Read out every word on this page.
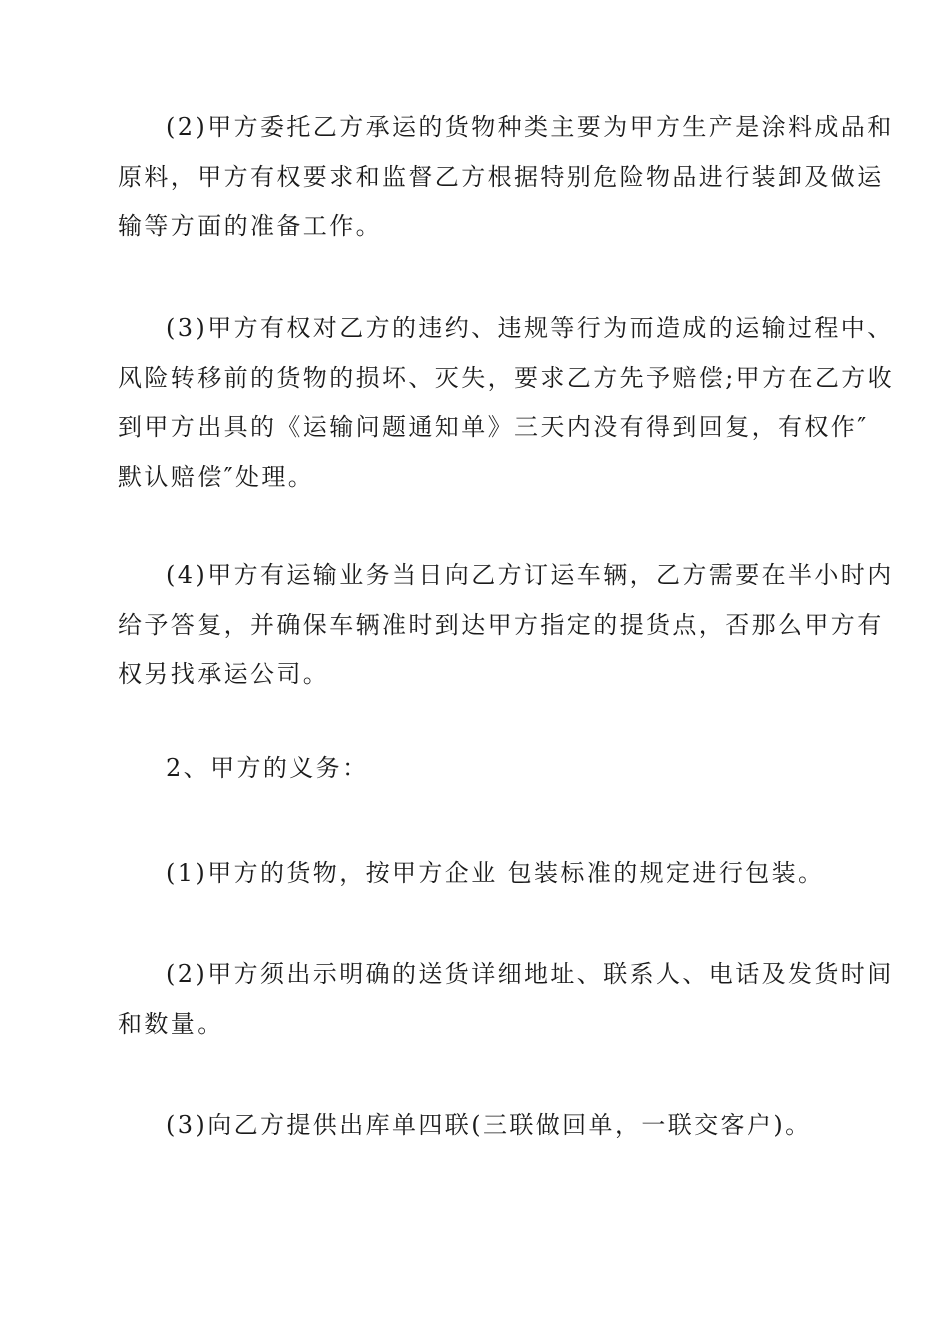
(2)甲方委托乙方承运的货物种类主要为甲方生产是涂料成品和
原料，甲方有权要求和监督乙方根据特别危险物品进行装卸及做运
输等方面的准备工作。
(3)甲方有权对乙方的违约、违规等行为而造成的运输过程中、
风险转移前的货物的损坏、灭失，要求乙方先予赔偿;甲方在乙方收
到甲方出具的《运输问题通知单》三天内没有得到回复，有权作″
默认赔偿″处理。
(4)甲方有运输业务当日向乙方订运车辆，乙方需要在半小时内
给予答复，并确保车辆准时到达甲方指定的提货点，否那么甲方有
权另找承运公司。
2、甲方的义务：
(1)甲方的货物，按甲方企业 包装标准的规定进行包装。
(2)甲方须出示明确的送货详细地址、联系人、电话及发货时间
和数量。
(3)向乙方提供出库单四联(三联做回单，一联交客户)。
